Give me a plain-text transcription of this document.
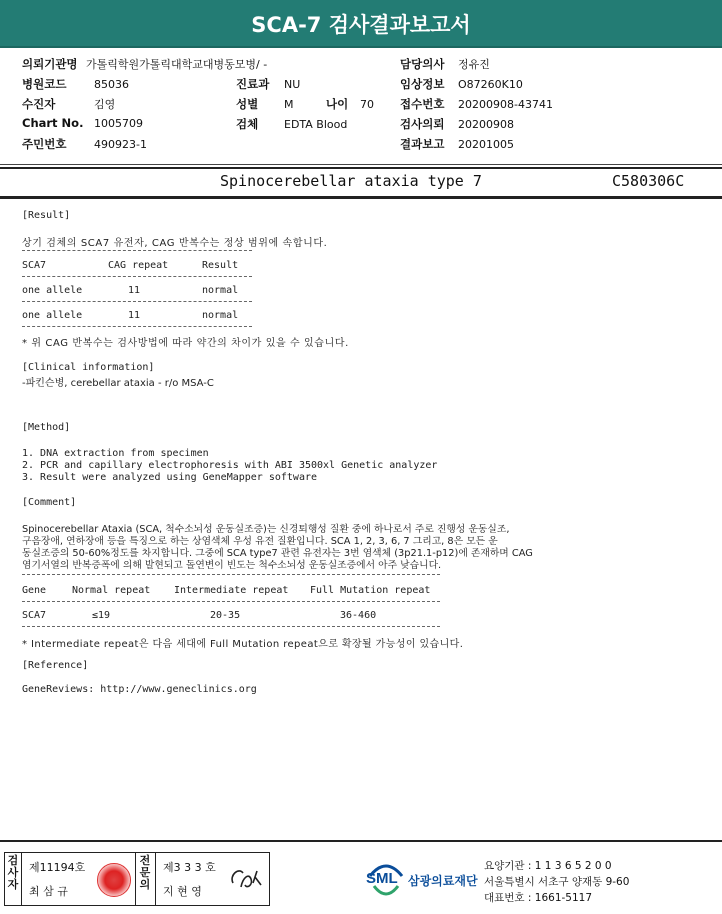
SCA-7 검사결과보고서
의뢰기관명 가톨릭학원가톨릭대학교대병동모병/ -
병원코드	85036
수진자	김영
Chart No. 1005709
주민번호	490923-1
진료과 NU
성별 M	나이 70
검체 EDTA Blood
담당의사 정유진
임상정보 O87260K10
접수번호 20200908-43741
검사의뢰 20200908
결과보고 20201005
Spinocerebellar ataxia type 7	C580306C
[Result]
상기 검체의 SCA7 유전자, CAG 반복수는 정상 범위에 속합니다.
SCA7	CAG repeat	Result
one allele	11	normal
one allele	11	normal
* 위 CAG 반복수는 검사방법에 따라 약간의 차이가 있을 수 있습니다.
[Clinical information]
-파킨슨병, cerebellar ataxia - r/o MSA-C
[Method]
1. DNA extraction from specimen
2. PCR and capillary electrophoresis with ABI 3500xl Genetic analyzer
3. Result were analyzed using GeneMapper software
[Comment]
Spinocerebellar Ataxia (SCA, 척수소뇌성 운동실조증)는 신경퇴행성 질환 중에 하나로서 주로 진행성 운동실조,
구음장애, 연하장애 등을 특징으로 하는 상염색체 우성 유전 질환입니다. SCA 1, 2, 3, 6, 7 그리고, 8은 모든 운
동실조증의 50-60%정도를 차지합니다. 그중에 SCA type7 관련 유전자는 3번 염색체 (3p21.1-p12)에 존재하며 CAG
염기서열의 반복증폭에 의해 발현되고 돌연변이 빈도는 척수소뇌성 운동실조증에서 아주 낮습니다.
Gene	Normal repeat Intermediate repeat Full Mutation repeat
SCA7	≤19	20-35	36-460
* Intermediate repeat은 다음 세대에 Full Mutation repeat으로 확장될 가능성이 있습니다.
[Reference]
GeneReviews: http://www.geneclinics.org
검사자
제11194호
최 삼 규
전문의
제3 3 3 호
지 현 영
SML 삼광의료재단
요양기관 : 1 1 3 6 5 2 0 0
서울특별시 서초구 양재동 9-60
대표번호 : 1661-5117
